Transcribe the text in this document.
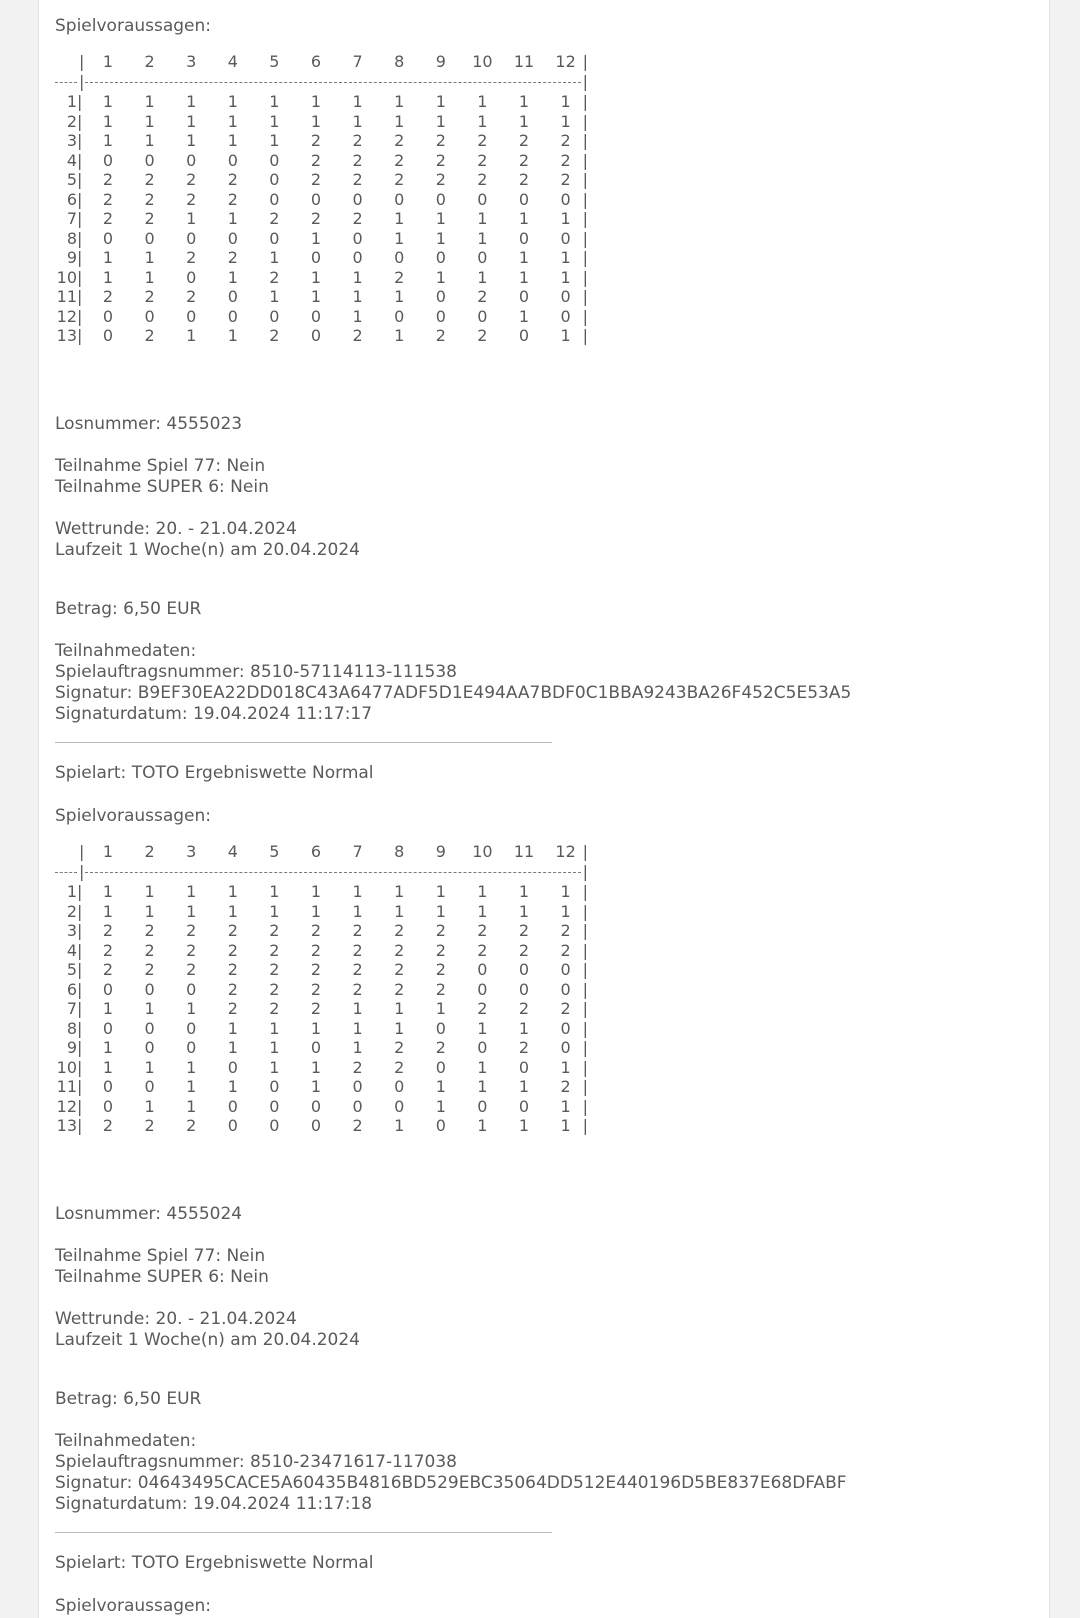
Spielvoraussagen:
|	1	2	3	4	5	6	7	8	9	10	11	12 |
|	|
1 |	1	1	1	1	1	1	1	1	1	1	1	1 |
2 |	1	1	1	1	1	1	1	1	1	1	1	1 |
3 |	1	1	1	1	1	2	2	2	2	2	2	2 |
4 |	0	0	0	0	0	2	2	2	2	2	2	2 |
5 |	2	2	2	2	0	2	2	2	2	2	2	2 |
6 |	2	2	2	2	0	0	0	0	0	0	0	0 |
7 |	2	2	1	1	2	2	2	1	1	1	1	1 |
8 |	0	0	0	0	0	1	0	1	1	1	0	0 |
9 |	1	1	2	2	1	0	0	0	0	0	1	1 |
10 |	1	1	0	1	2	1	1	2	1	1	1	1 |
11 |	2	2	2	0	1	1	1	1	0	2	0	0 |
12 |	0	0	0	0	0	0	1	0	0	0	1	0 |
13 |	0	2	1	1	2	0	2	1	2	2	0	1 |
Losnummer: 4555023
Teilnahme Spiel 77: Nein
Teilnahme SUPER 6: Nein
Wettrunde: 20. - 21.04.2024
Laufzeit 1 Woche(n) am 20.04.2024
Betrag: 6,50 EUR
Teilnahmedaten:
Spielauftragsnummer: 8510-57114113-111538
Signatur: B9EF30EA22DD018C43A6477ADF5D1E494AA7BDF0C1BBA9243BA26F452C5E53A5
Signaturdatum: 19.04.2024 11:17:17
Spielart: TOTO Ergebniswette Normal
Spielvoraussagen:
|	1	2	3	4	5	6	7	8	9	10	11	12 |
|	|
1 |	1	1	1	1	1	1	1	1	1	1	1	1 |
2 |	1	1	1	1	1	1	1	1	1	1	1	1 |
3 |	2	2	2	2	2	2	2	2	2	2	2	2 |
4 |	2	2	2	2	2	2	2	2	2	2	2	2 |
5 |	2	2	2	2	2	2	2	2	2	0	0	0 |
6 |	0	0	0	2	2	2	2	2	2	0	0	0 |
7 |	1	1	1	2	2	2	1	1	1	2	2	2 |
8 |	0	0	0	1	1	1	1	1	0	1	1	0 |
9 |	1	0	0	1	1	0	1	2	2	0	2	0 |
10 |	1	1	1	0	1	1	2	2	0	1	0	1 |
11 |	0	0	1	1	0	1	0	0	1	1	1	2 |
12 |	0	1	1	0	0	0	0	0	1	0	0	1 |
13 |	2	2	2	0	0	0	2	1	0	1	1	1 |
Losnummer: 4555024
Teilnahme Spiel 77: Nein
Teilnahme SUPER 6: Nein
Wettrunde: 20. - 21.04.2024
Laufzeit 1 Woche(n) am 20.04.2024
Betrag: 6,50 EUR
Teilnahmedaten:
Spielauftragsnummer: 8510-23471617-117038
Signatur: 04643495CACE5A60435B4816BD529EBC35064DD512E440196D5BE837E68DFABF
Signaturdatum: 19.04.2024 11:17:18
Spielart: TOTO Ergebniswette Normal
Spielvoraussagen:
